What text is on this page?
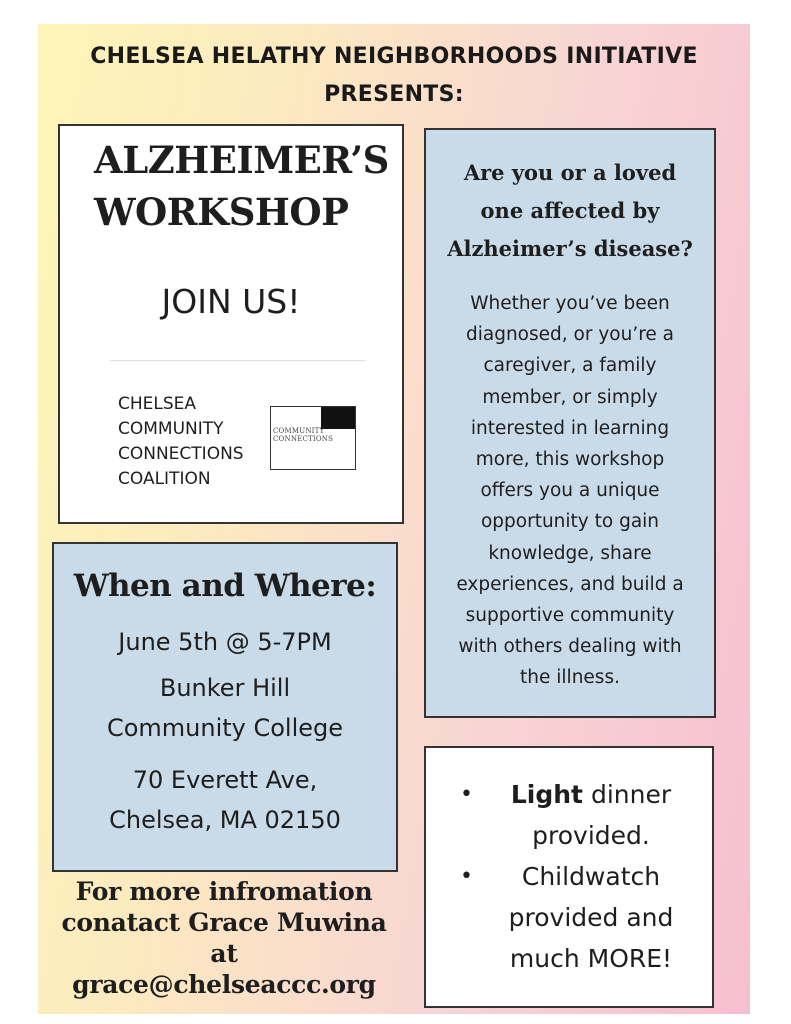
CHELSEA HELATHY NEIGHBORHOODS INITIATIVE
PRESENTS:
ALZHEIMER’S
WORKSHOP
JOIN US!
CHELSEA
COMMUNITY
CONNECTIONS
COALITION
COMMUNITY
CONNECTIONS
Are you or a loved
one affected by
Alzheimer’s disease?
Whether you’ve been
diagnosed, or you’re a
caregiver, a family
member, or simply
interested in learning
more, this workshop
offers you a unique
opportunity to gain
knowledge, share
experiences, and build a
supportive community
with others dealing with
the illness.
When and Where:
June 5th @ 5-7PM
Bunker Hill
Community College
70 Everett Ave,
Chelsea, MA 02150
For more infromation
conatact Grace Muwina
at
grace@chelseaccc.org
•	Light dinner
provided.
•	Childwatch
provided and
much MORE!
